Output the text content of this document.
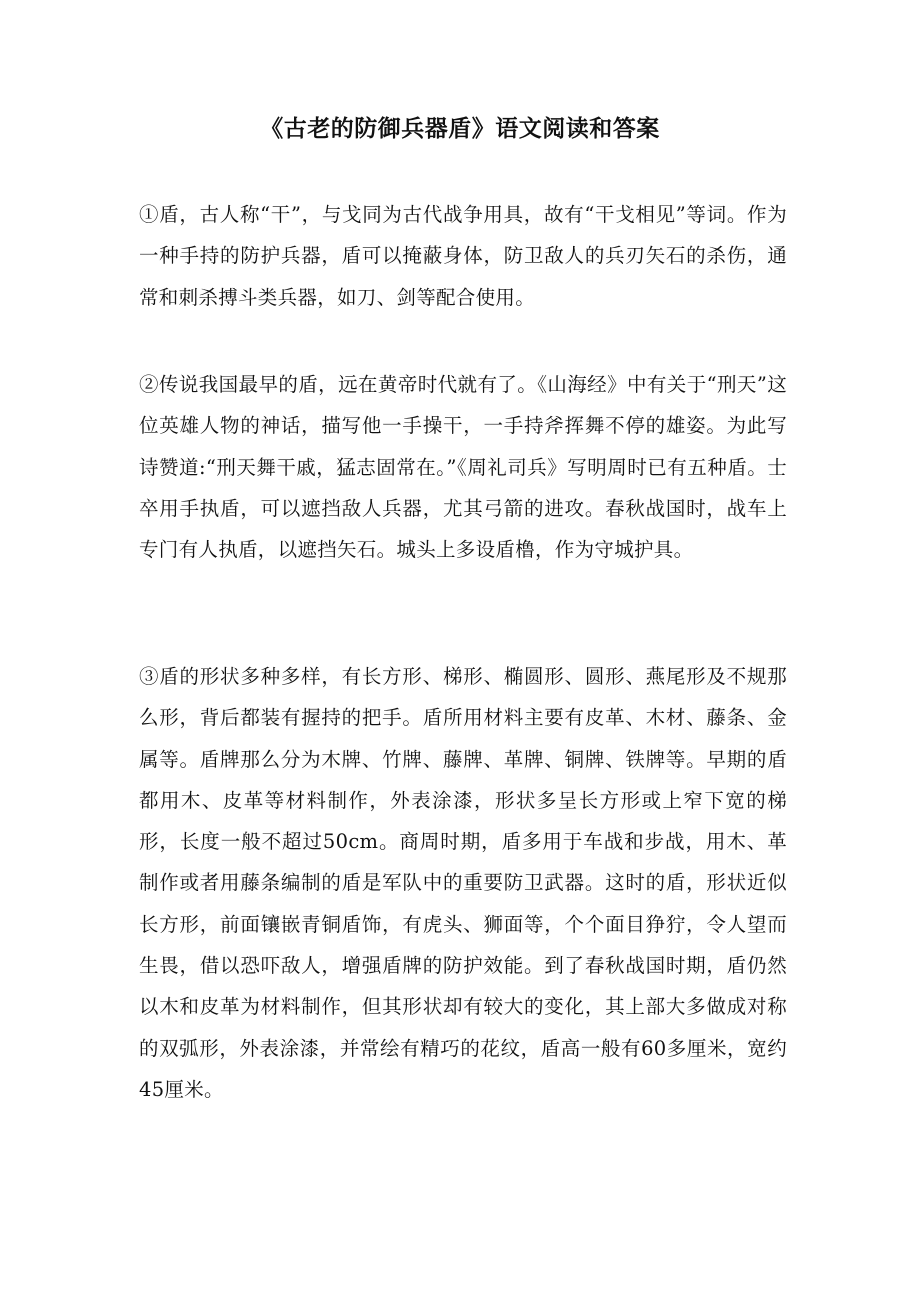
《古老的防御兵器盾》语文阅读和答案

①盾，古人称“干”，与戈同为古代战争用具，故有“干戈相见”等词。作为一种手持的防护兵器，盾可以掩蔽身体，防卫敌人的兵刃矢石的杀伤，通常和刺杀搏斗类兵器，如刀、剑等配合使用。

②传说我国最早的盾，远在黄帝时代就有了。《山海经》中有关于“刑天”这位英雄人物的神话，描写他一手操干，一手持斧挥舞不停的雄姿。为此写诗赞道:“刑天舞干戚，猛志固常在。”《周礼司兵》写明周时已有五种盾。士卒用手执盾，可以遮挡敌人兵器，尤其弓箭的进攻。春秋战国时，战车上专门有人执盾，以遮挡矢石。城头上多设盾橹，作为守城护具。

③盾的形状多种多样，有长方形、梯形、椭圆形、圆形、燕尾形及不规那么形，背后都装有握持的把手。盾所用材料主要有皮革、木材、藤条、金属等。盾牌那么分为木牌、竹牌、藤牌、革牌、铜牌、铁牌等。早期的盾都用木、皮革等材料制作，外表涂漆，形状多呈长方形或上窄下宽的梯形，长度一般不超过50cm。商周时期，盾多用于车战和步战，用木、革制作或者用藤条编制的盾是军队中的重要防卫武器。这时的盾，形状近似长方形，前面镶嵌青铜盾饰，有虎头、狮面等，个个面目狰狞，令人望而生畏，借以恐吓敌人，增强盾牌的防护效能。到了春秋战国时期，盾仍然以木和皮革为材料制作，但其形状却有较大的变化，其上部大多做成对称的双弧形，外表涂漆，并常绘有精巧的花纹，盾高一般有60多厘米，宽约45厘米。
